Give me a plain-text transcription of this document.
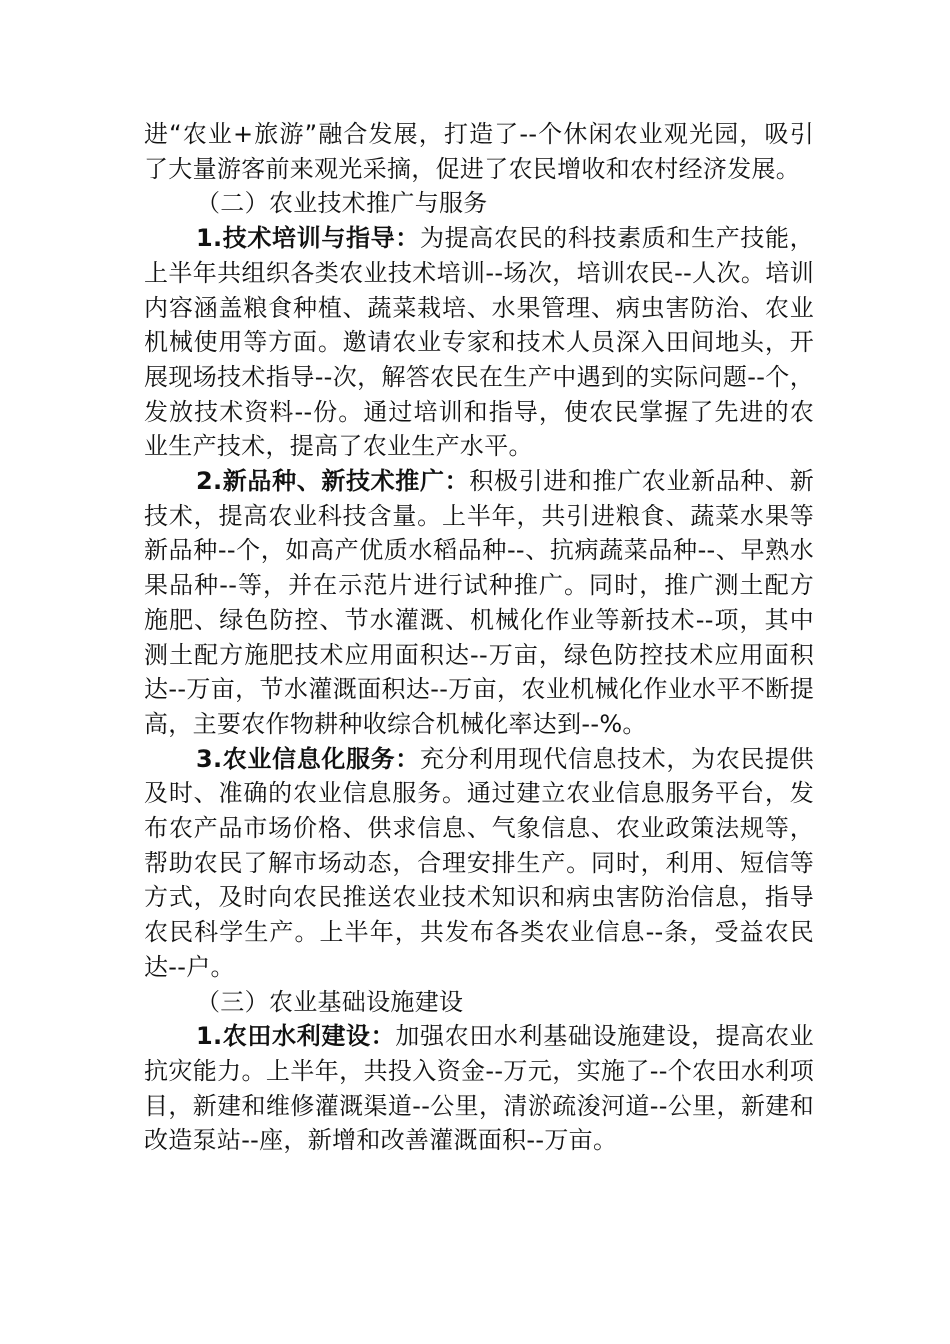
进“农业+旅游”融合发展，打造了--个休闲农业观光园，吸引了大量游客前来观光采摘，促进了农民增收和农村经济发展。

（二）农业技术推广与服务

1.技术培训与指导：为提高农民的科技素质和生产技能，上半年共组织各类农业技术培训--场次，培训农民--人次。培训内容涵盖粮食种植、蔬菜栽培、水果管理、病虫害防治、农业机械使用等方面。邀请农业专家和技术人员深入田间地头，开展现场技术指导--次，解答农民在生产中遇到的实际问题--个，发放技术资料--份。通过培训和指导，使农民掌握了先进的农业生产技术，提高了农业生产水平。

2.新品种、新技术推广：积极引进和推广农业新品种、新技术，提高农业科技含量。上半年，共引进粮食、蔬菜水果等新品种--个，如高产优质水稻品种--、抗病蔬菜品种--、早熟水果品种--等，并在示范片进行试种推广。同时，推广测土配方施肥、绿色防控、节水灌溉、机械化作业等新技术--项，其中测土配方施肥技术应用面积达--万亩，绿色防控技术应用面积达--万亩，节水灌溉面积达--万亩，农业机械化作业水平不断提高，主要农作物耕种收综合机械化率达到--%。

3.农业信息化服务：充分利用现代信息技术，为农民提供及时、准确的农业信息服务。通过建立农业信息服务平台，发布农产品市场价格、供求信息、气象信息、农业政策法规等，帮助农民了解市场动态，合理安排生产。同时，利用、短信等方式，及时向农民推送农业技术知识和病虫害防治信息，指导农民科学生产。上半年，共发布各类农业信息--条，受益农民达--户。

（三）农业基础设施建设

1.农田水利建设：加强农田水利基础设施建设，提高农业抗灾能力。上半年，共投入资金--万元，实施了--个农田水利项目，新建和维修灌溉渠道--公里，清淤疏浚河道--公里，新建和改造泵站--座，新增和改善灌溉面积--万亩。
